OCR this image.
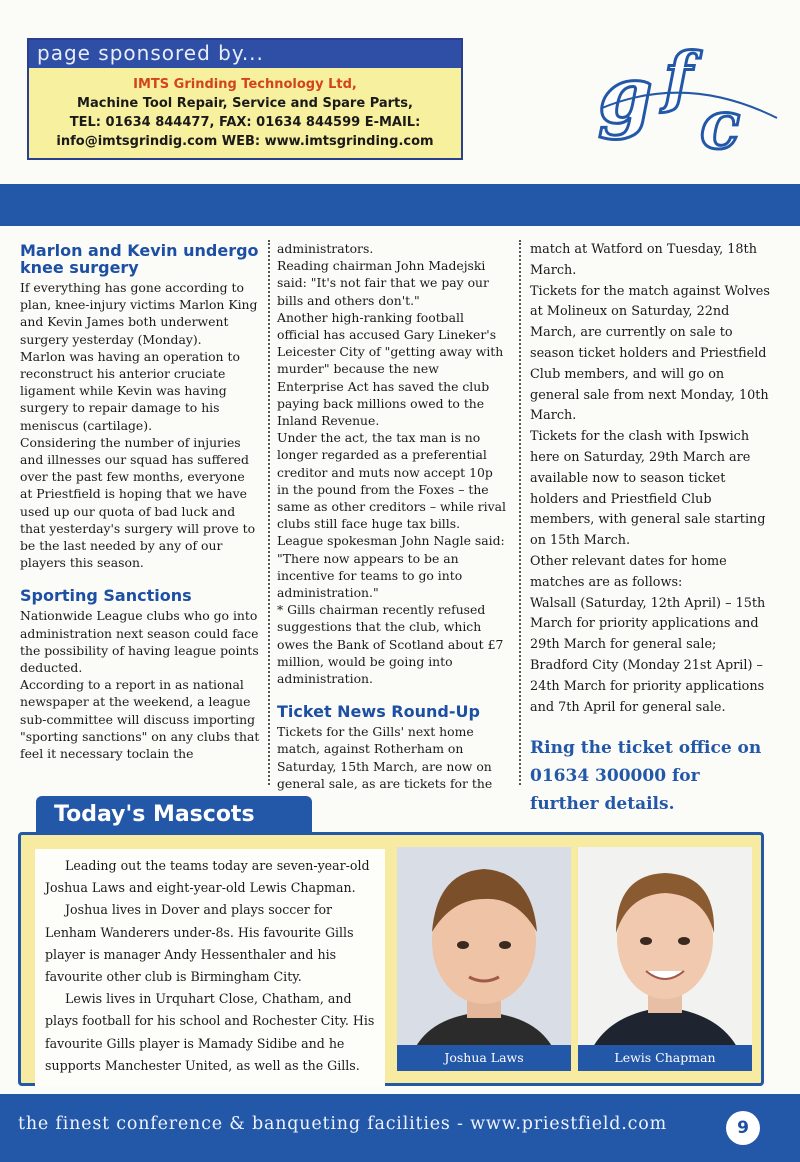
page sponsored by...
IMTS Grinding Technology Ltd,
Machine Tool Repair, Service and Spare Parts,
TEL: 01634 844477, FAX: 01634 844599 E-MAIL:
info@imtsgrindig.com WEB: www.imtsgrinding.com
g f
c
Marlon and Kevin undergo knee surgery

If everything has gone according to plan, knee-injury victims Marlon King and Kevin James both underwent surgery yesterday (Monday).

Marlon was having an operation to reconstruct his anterior cruciate ligament while Kevin was having surgery to repair damage to his meniscus (cartilage).

Considering the number of injuries and illnesses our squad has suffered over the past few months, everyone at Priestfield is hoping that we have used up our quota of bad luck and that yesterday's surgery will prove to be the last needed by any of our players this season.

Sporting Sanctions

Nationwide League clubs who go into administration next season could face the possibility of having league points deducted.

According to a report in as national newspaper at the weekend, a league sub-committee will discuss importing "sporting sanctions" on any clubs that feel it necessary toclain the

administrators.

Reading chairman John Madejski said: "It's not fair that we pay our bills and others don't."

Another high-ranking football official has accused Gary Lineker's Leicester City of "getting away with murder" because the new Enterprise Act has saved the club paying back millions owed to the Inland Revenue.

Under the act, the tax man is no longer regarded as a preferential creditor and muts now accept 10p in the pound from the Foxes – the same as other creditors – while rival clubs still face huge tax bills.

League spokesman John Nagle said: "There now appears to be an incentive for teams to go into administration."

* Gills chairman recently refused suggestions that the club, which owes the Bank of Scotland about £7 million, would be going into administration.

Ticket News Round-Up

Tickets for the Gills' next home match, against Rotherham on Saturday, 15th March, are now on general sale, as are tickets for the

match at Watford on Tuesday, 18th March.

Tickets for the match against Wolves at Molineux on Saturday, 22nd March, are currently on sale to season ticket holders and Priestfield Club members, and will go on general sale from next Monday, 10th March.

Tickets for the clash with Ipswich here on Saturday, 29th March are available now to season ticket holders and Priestfield Club members, with general sale starting on 15th March.

Other relevant dates for home matches are as follows:

Walsall (Saturday, 12th April) – 15th March for priority applications and 29th March for general sale;

Bradford City (Monday 21st April) – 24th March for priority applications and 7th April for general sale.

Ring the ticket office on 01634 300000 for further details.
Today's Mascots

Leading out the teams today are seven-year-old Joshua Laws and eight-year-old Lewis Chapman.

Joshua lives in Dover and plays soccer for Lenham Wanderers under-8s. His favourite Gills player is manager Andy Hessenthaler and his favourite other club is Birmingham City.

Lewis lives in Urquhart Close, Chatham, and plays football for his school and Rochester City. His favourite Gills player is Mamady Sidibe and he supports Manchester United, as well as the Gills.

Joshua Laws	Lewis Chapman
the finest conference & banqueting facilities - www.priestfield.com	9
